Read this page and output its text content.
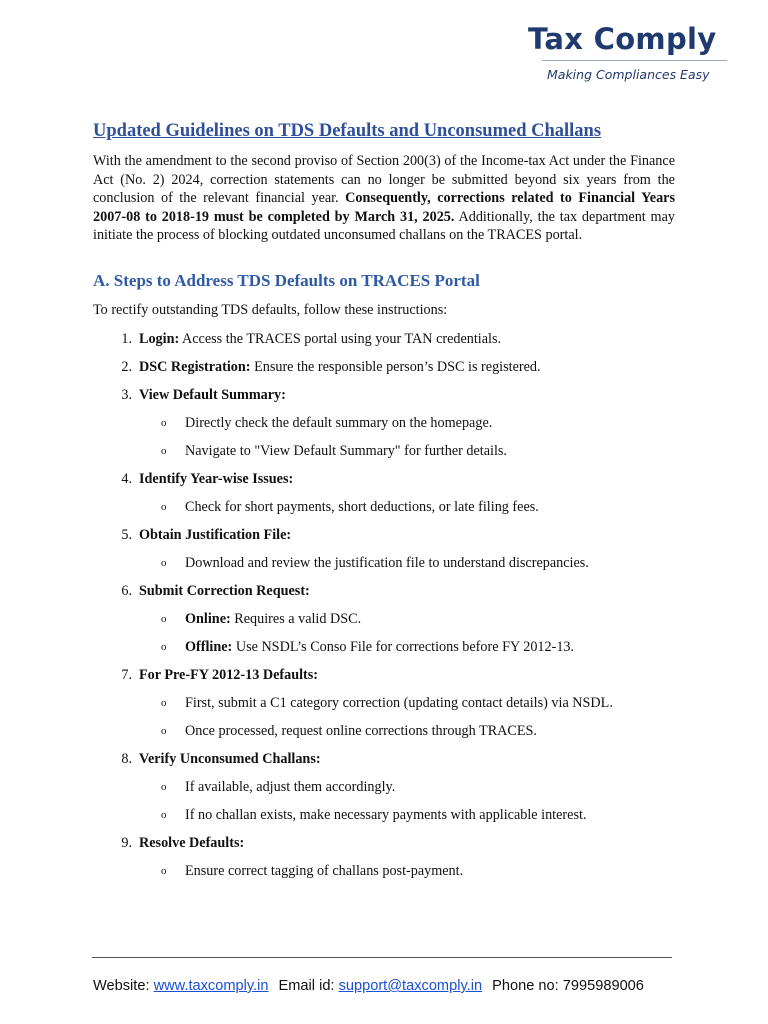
Tax Comply
Making Compliances Easy
Updated Guidelines on TDS Defaults and Unconsumed Challans

With the amendment to the second proviso of Section 200(3) of the Income-tax Act under the Finance Act (No. 2) 2024, correction statements can no longer be submitted beyond six years from the conclusion of the relevant financial year. Consequently, corrections related to Financial Years 2007-08 to 2018-19 must be completed by March 31, 2025. Additionally, the tax department may initiate the process of blocking outdated unconsumed challans on the TRACES portal.

A. Steps to Address TDS Defaults on TRACES Portal

To rectify outstanding TDS defaults, follow these instructions:

1. Login: Access the TRACES portal using your TAN credentials.
2. DSC Registration: Ensure the responsible person’s DSC is registered.
3. View Default Summary:
o Directly check the default summary on the homepage.
o Navigate to "View Default Summary" for further details.
4. Identify Year-wise Issues:
o Check for short payments, short deductions, or late filing fees.
5. Obtain Justification File:
o Download and review the justification file to understand discrepancies.
6. Submit Correction Request:
o Online: Requires a valid DSC.
o Offline: Use NSDL’s Conso File for corrections before FY 2012-13.
7. For Pre-FY 2012-13 Defaults:
o First, submit a C1 category correction (updating contact details) via NSDL.
o Once processed, request online corrections through TRACES.
8. Verify Unconsumed Challans:
o If available, adjust them accordingly.
o If no challan exists, make necessary payments with applicable interest.
9. Resolve Defaults:
o Ensure correct tagging of challans post-payment.
Website: www.taxcomply.in Email id: support@taxcomply.in Phone no: 7995989006
